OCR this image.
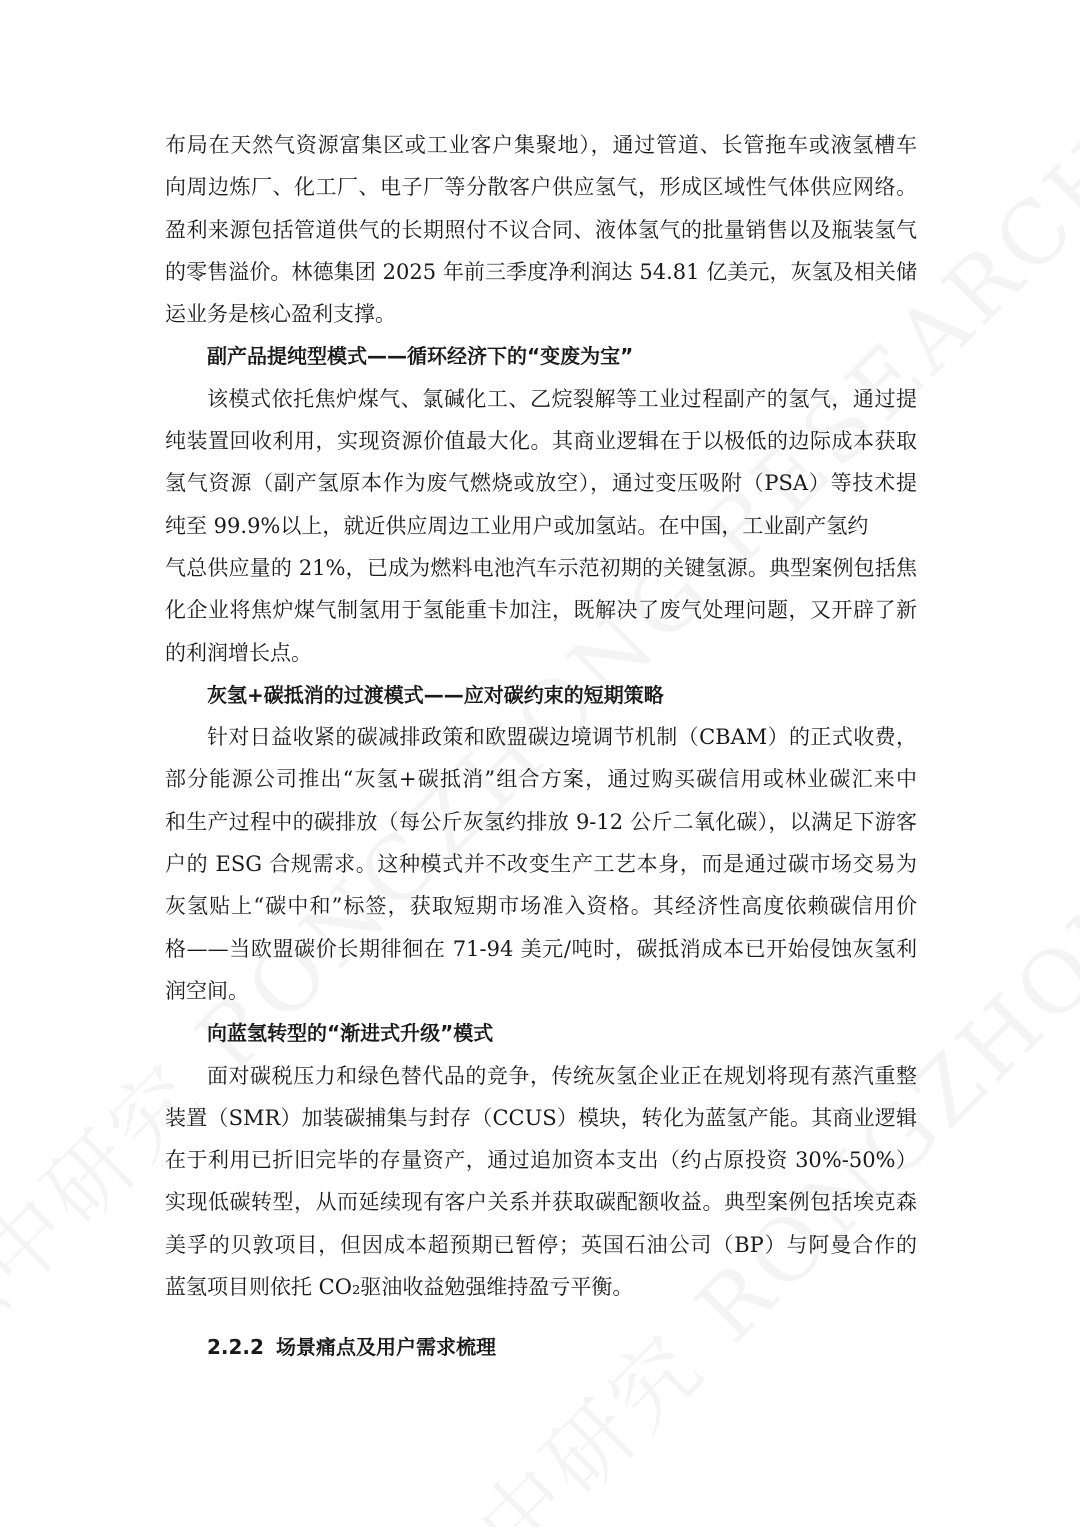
布局在天然气资源富集区或工业客户集聚地），通过管道、长管拖车或液氢槽车
向周边炼厂、化工厂、电子厂等分散客户供应氢气，形成区域性气体供应网络。
盈利来源包括管道供气的长期照付不议合同、液体氢气的批量销售以及瓶装氢气
的零售溢价。林德集团 2025 年前三季度净利润达 54.81 亿美元，灰氢及相关储
运业务是核心盈利支撑。
副产品提纯型模式——循环经济下的“变废为宝”
该模式依托焦炉煤气、氯碱化工、乙烷裂解等工业过程副产的氢气，通过提
纯装置回收利用，实现资源价值最大化。其商业逻辑在于以极低的边际成本获取
氢气资源（副产氢原本作为废气燃烧或放空），通过变压吸附（PSA）等技术提
纯至 99.9%以上，就近供应周边工业用户或加氢站。在中国，工业副产氢约
气总供应量的 21%，已成为燃料电池汽车示范初期的关键氢源。典型案例包括焦
化企业将焦炉煤气制氢用于氢能重卡加注，既解决了废气处理问题，又开辟了新
的利润增长点。
灰氢+碳抵消的过渡模式——应对碳约束的短期策略
针对日益收紧的碳减排政策和欧盟碳边境调节机制（CBAM）的正式收费，
部分能源公司推出“灰氢+碳抵消”组合方案，通过购买碳信用或林业碳汇来中
和生产过程中的碳排放（每公斤灰氢约排放 9-12 公斤二氧化碳），以满足下游客
户的 ESG 合规需求。这种模式并不改变生产工艺本身，而是通过碳市场交易为
灰氢贴上“碳中和”标签，获取短期市场准入资格。其经济性高度依赖碳信用价
格——当欧盟碳价长期徘徊在 71-94 美元/吨时，碳抵消成本已开始侵蚀灰氢利
润空间。
向蓝氢转型的“渐进式升级”模式
面对碳税压力和绿色替代品的竞争，传统灰氢企业正在规划将现有蒸汽重整
装置（SMR）加装碳捕集与封存（CCUS）模块，转化为蓝氢产能。其商业逻辑
在于利用已折旧完毕的存量资产，通过追加资本支出（约占原投资 30%-50%）
实现低碳转型，从而延续现有客户关系并获取碳配额收益。典型案例包括埃克森
美孚的贝敦项目，但因成本超预期已暂停；英国石油公司（BP）与阿曼合作的
蓝氢项目则依托 CO₂驱油收益勉强维持盈亏平衡。
2.2.2 场景痛点及用户需求梳理
